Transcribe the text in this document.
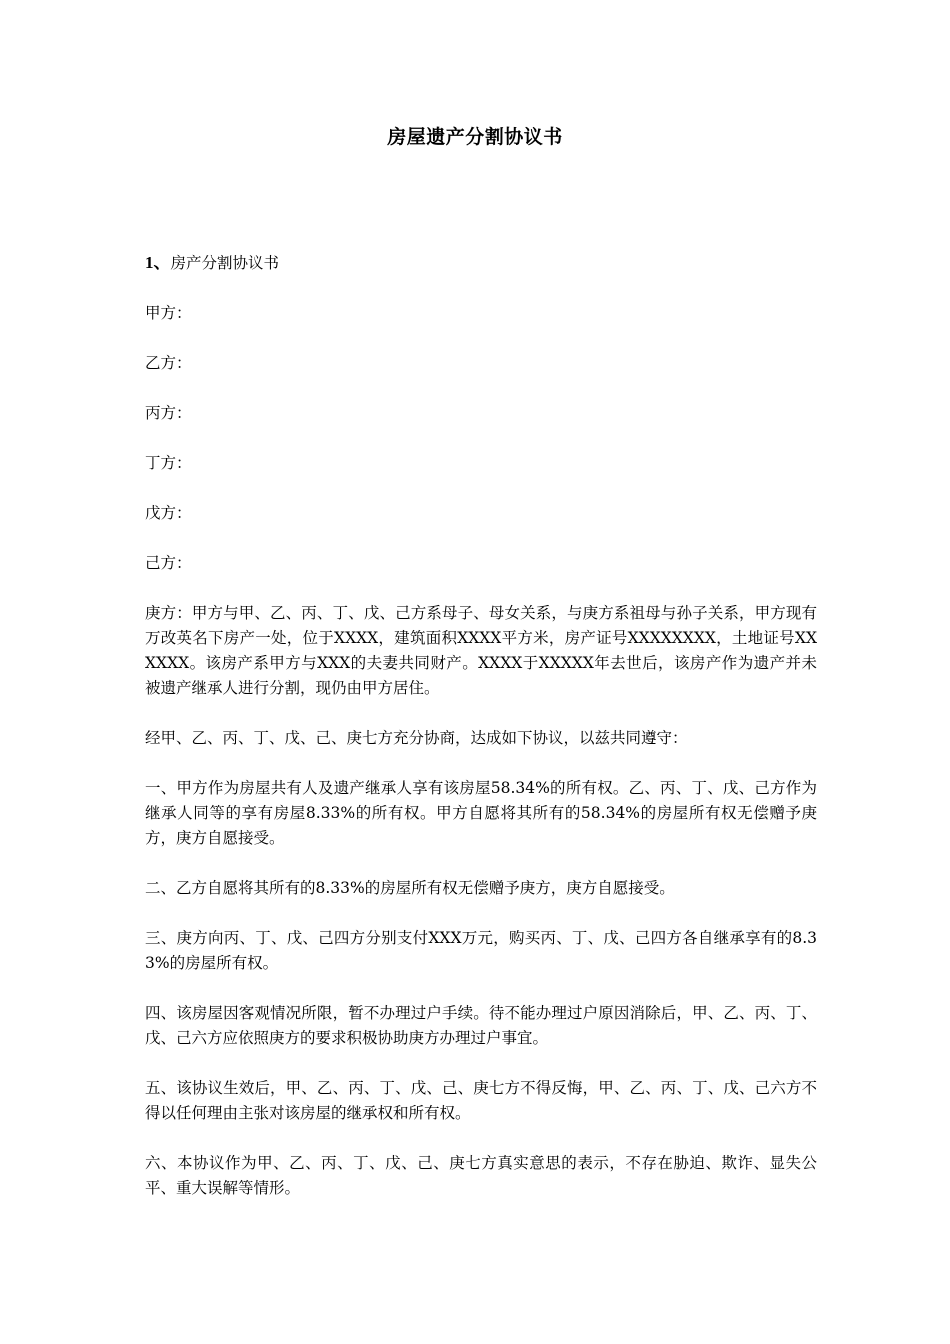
房屋遗产分割协议书

1、房产分割协议书

甲方：

乙方：

丙方：

丁方：

戊方：

己方：

庚方：甲方与甲、乙、丙、丁、戊、己方系母子、母女关系，与庚方系祖母与孙子关系，甲方现有万改英名下房产一处，位于XXXX，建筑面积XXXX平方米，房产证号XXXXXXXX，土地证号XXXXXX。该房产系甲方与XXX的夫妻共同财产。XXXX于XXXXX年去世后，该房产作为遗产并未被遗产继承人进行分割，现仍由甲方居住。

经甲、乙、丙、丁、戊、己、庚七方充分协商，达成如下协议，以兹共同遵守：

一、甲方作为房屋共有人及遗产继承人享有该房屋58.34%的所有权。乙、丙、丁、戊、己方作为继承人同等的享有房屋8.33%的所有权。甲方自愿将其所有的58.34%的房屋所有权无偿赠予庚方，庚方自愿接受。

二、乙方自愿将其所有的8.33%的房屋所有权无偿赠予庚方，庚方自愿接受。

三、庚方向丙、丁、戊、己四方分别支付XXX万元，购买丙、丁、戊、己四方各自继承享有的8.33%的房屋所有权。

四、该房屋因客观情况所限，暂不办理过户手续。待不能办理过户原因消除后，甲、乙、丙、丁、戊、己六方应依照庚方的要求积极协助庚方办理过户事宜。

五、该协议生效后，甲、乙、丙、丁、戊、己、庚七方不得反悔，甲、乙、丙、丁、戊、己六方不得以任何理由主张对该房屋的继承权和所有权。

六、本协议作为甲、乙、丙、丁、戊、己、庚七方真实意思的表示，不存在胁迫、欺诈、显失公平、重大误解等情形。
